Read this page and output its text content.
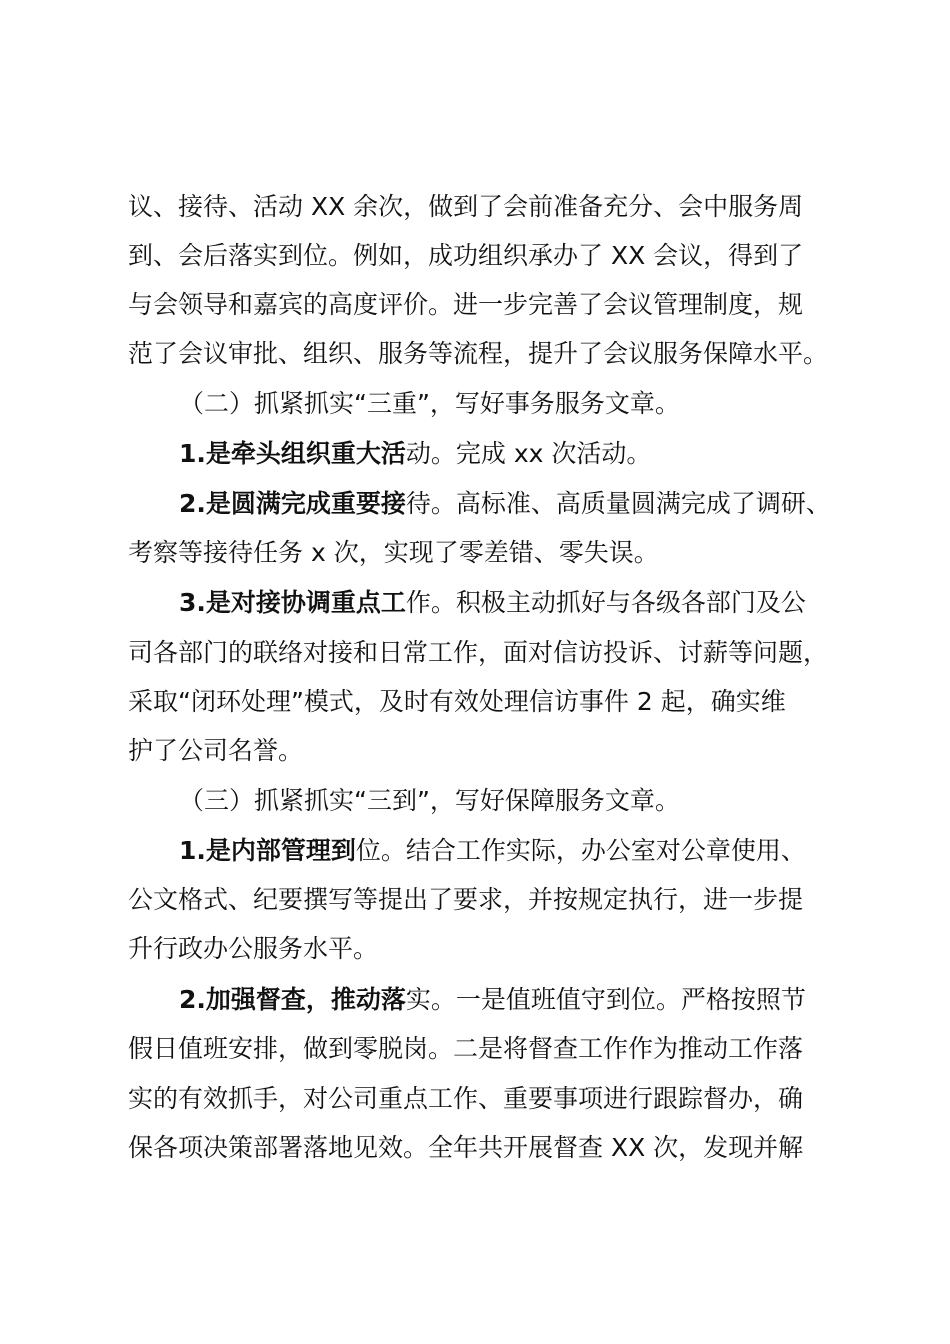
议、接待、活动 XX 余次，做到了会前准备充分、会中服务周
到、会后落实到位。例如，成功组织承办了 XX 会议，得到了
与会领导和嘉宾的高度评价。进一步完善了会议管理制度，规
范了会议审批、组织、服务等流程，提升了会议服务保障水平。
（二）抓紧抓实“三重”，写好事务服务文章。
1.是牵头组织重大活动。完成 xx 次活动。
2.是圆满完成重要接待。高标准、高质量圆满完成了调研、
考察等接待任务 x 次，实现了零差错、零失误。
3.是对接协调重点工作。积极主动抓好与各级各部门及公
司各部门的联络对接和日常工作，面对信访投诉、讨薪等问题，
采取“闭环处理”模式，及时有效处理信访事件 2 起，确实维
护了公司名誉。
（三）抓紧抓实“三到”，写好保障服务文章。
1.是内部管理到位。结合工作实际，办公室对公章使用、
公文格式、纪要撰写等提出了要求，并按规定执行，进一步提
升行政办公服务水平。
2.加强督查，推动落实。一是值班值守到位。严格按照节
假日值班安排，做到零脱岗。二是将督查工作作为推动工作落
实的有效抓手，对公司重点工作、重要事项进行跟踪督办，确
保各项决策部署落地见效。全年共开展督查 XX 次，发现并解
